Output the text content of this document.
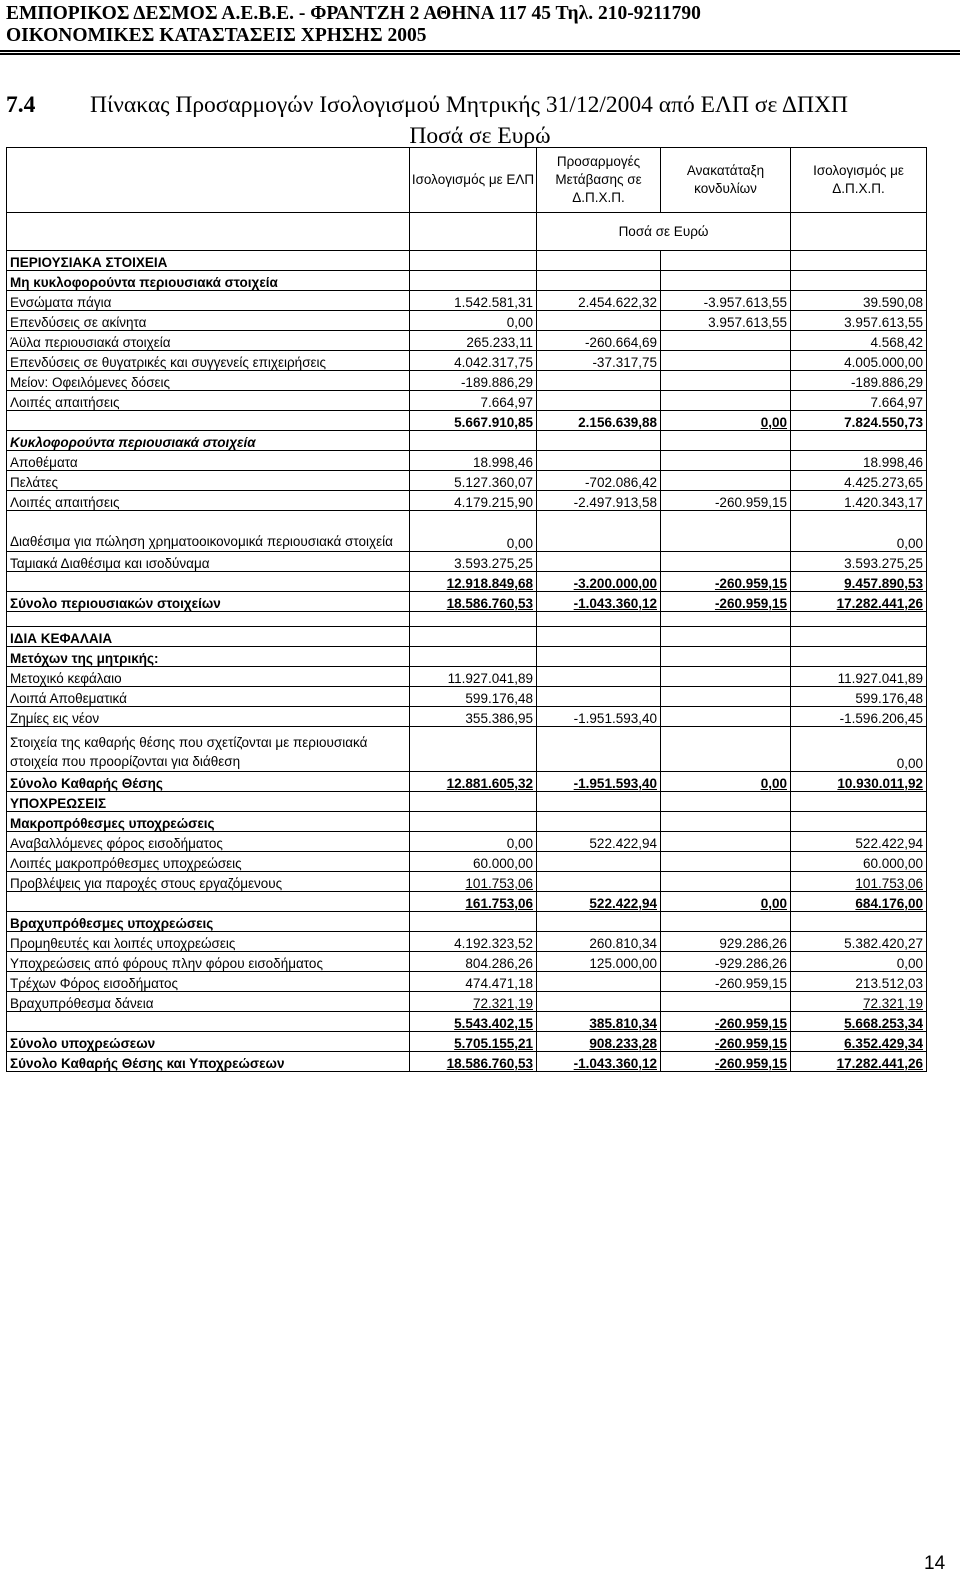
ΕΜΠΟΡΙΚΟΣ ΔΕΣΜΟΣ Α.Ε.Β.Ε. - ΦΡΑΝΤΖΗ 2 ΑΘΗΝΑ 117 45 Τηλ. 210-9211790
ΟΙΚΟΝΟΜΙΚΕΣ ΚΑΤΑΣΤΑΣΕΙΣ ΧΡΗΣΗΣ 2005
7.4 Πίνακας Προσαρμογών Ισολογισμού Μητρικής 31/12/2004 από ΕΛΠ σε ΔΠΧΠ
Ποσά σε Ευρώ
	Ισολογισμός με ΕΛΠ	Προσαρμογές Μετάβασης σε Δ.Π.Χ.Π.	Ανακατάταξη κονδυλίων	Ισολογισμός με Δ.Π.Χ.Π.
		Ποσά σε Ευρώ		
ΠΕΡΙΟΥΣΙΑΚΑ ΣΤΟΙΧΕΙΑ				
Μη κυκλοφορούντα περιουσιακά στοιχεία				
Ενσώματα πάγια	1.542.581,31	2.454.622,32	-3.957.613,55	39.590,08
Επενδύσεις σε ακίνητα	0,00		3.957.613,55	3.957.613,55
Άϋλα περιουσιακά στοιχεία	265.233,11	-260.664,69		4.568,42
Επενδύσεις σε θυγατρικές και συγγενείς επιχειρήσεις	4.042.317,75	-37.317,75		4.005.000,00
Μείον: Οφειλόμενες δόσεις	-189.886,29			-189.886,29
Λοιπές απαιτήσεις	7.664,97			7.664,97
	5.667.910,85	2.156.639,88	0,00	7.824.550,73
Κυκλοφορούντα περιουσιακά στοιχεία				
Αποθέματα	18.998,46			18.998,46
Πελάτες	5.127.360,07	-702.086,42		4.425.273,65
Λοιπές απαιτήσεις	4.179.215,90	-2.497.913,58	-260.959,15	1.420.343,17
Διαθέσιμα για πώληση χρηματοοικονομικά περιουσιακά στοιχεία	0,00			0,00
Ταμιακά Διαθέσιμα και ισοδύναμα	3.593.275,25			3.593.275,25
	12.918.849,68	-3.200.000,00	-260.959,15	9.457.890,53
Σύνολο περιουσιακών στοιχείων	18.586.760,53	-1.043.360,12	-260.959,15	17.282.441,26

ΙΔΙΑ ΚΕΦΑΛΑΙΑ				
Μετόχων της μητρικής:				
Μετοχικό κεφάλαιο	11.927.041,89			11.927.041,89
Λοιπά Αποθεματικά	599.176,48			599.176,48
Ζημίες εις νέον	355.386,95	-1.951.593,40		-1.596.206,45
Στοιχεία της καθαρής θέσης που σχετίζονται με περιουσιακά στοιχεία που προορίζονται για διάθεση				0,00
Σύνολο Καθαρής Θέσης	12.881.605,32	-1.951.593,40	0,00	10.930.011,92
ΥΠΟΧΡΕΩΣΕΙΣ				
Μακροπρόθεσμες υποχρεώσεις				
Αναβαλλόμενες φόρος εισοδήματος	0,00	522.422,94		522.422,94
Λοιπές μακροπρόθεσμες υποχρεώσεις	60.000,00			60.000,00
Προβλέψεις για παροχές στους εργαζόμενους	101.753,06			101.753,06
	161.753,06	522.422,94	0,00	684.176,00
Βραχυπρόθεσμες υποχρεώσεις				
Προμηθευτές και λοιπές υποχρεώσεις	4.192.323,52	260.810,34	929.286,26	5.382.420,27
Υποχρεώσεις από φόρους πλην φόρου εισοδήματος	804.286,26	125.000,00	-929.286,26	0,00
Τρέχων Φόρος εισοδήματος	474.471,18		-260.959,15	213.512,03
Βραχυπρόθεσμα δάνεια	72.321,19			72.321,19
	5.543.402,15	385.810,34	-260.959,15	5.668.253,34
Σύνολο υποχρεώσεων	5.705.155,21	908.233,28	-260.959,15	6.352.429,34
Σύνολο Καθαρής Θέσης και Υποχρεώσεων	18.586.760,53	-1.043.360,12	-260.959,15	17.282.441,26
14
